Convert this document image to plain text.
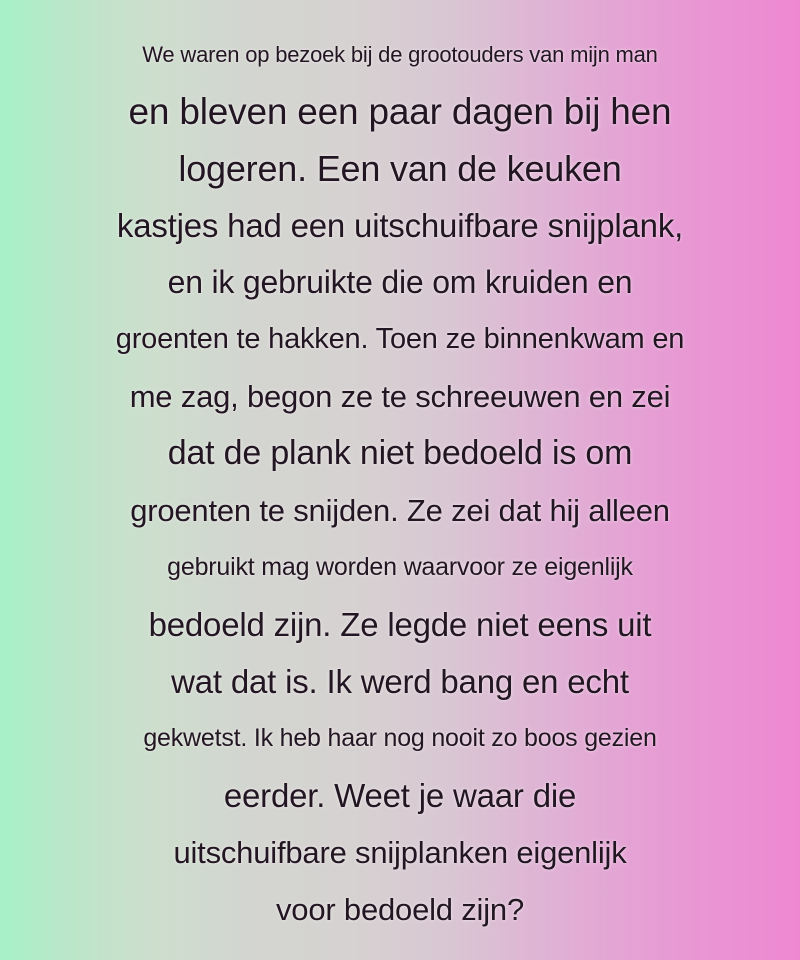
We waren op bezoek bij de grootouders van mijn man
en bleven een paar dagen bij hen
logeren. Een van de keuken
kastjes had een uitschuifbare snijplank,
en ik gebruikte die om kruiden en
groenten te hakken. Toen ze binnenkwam en
me zag, begon ze te schreeuwen en zei
dat de plank niet bedoeld is om
groenten te snijden. Ze zei dat hij alleen
gebruikt mag worden waarvoor ze eigenlijk
bedoeld zijn. Ze legde niet eens uit
wat dat is. Ik werd bang en echt
gekwetst. Ik heb haar nog nooit zo boos gezien
eerder. Weet je waar die
uitschuifbare snijplanken eigenlijk
voor bedoeld zijn?
